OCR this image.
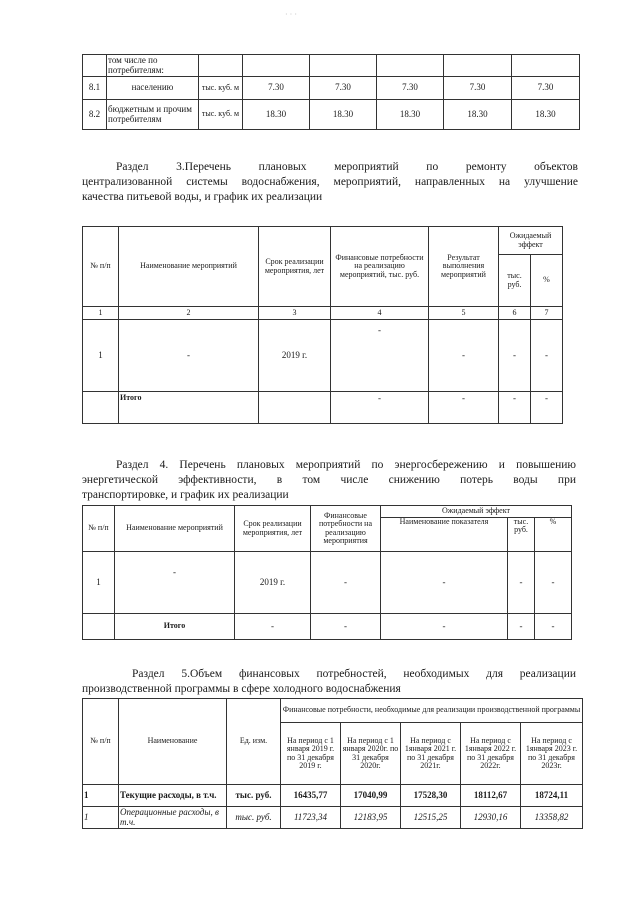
· · ·
	том числе по потребителям:						
8.1	населению	тыс. куб. м	7.30	7.30	7.30	7.30	7.30
8.2	бюджетным и прочим потребителям	тыс. куб. м	18.30	18.30	18.30	18.30	18.30

Раздел 3.Перечень плановых мероприятий по ремонту объектов

централизованной системы водоснабжения, мероприятий, направленных на улучшение

качества питьевой воды, и график их реализации

№ п/п	Наименование мероприятий	Срок реализации мероприятия, лет	Финансовые потребности на реализацию мероприятий, тыс. руб.	Результат выполнения мероприятий	Ожидаемый эффект	
					тыс. руб.	%
1	2	3	4	5	6	7
1	-	2019 г.	-	-	-	-
	Итого		-	-	-	-

Раздел 4. Перечень плановых мероприятий по энергосбережению и повышению

энергетической эффективности, в том числе снижению потерь воды при

транспортировке, и график их реализации

№ п/п	Наименование мероприятий	Срок реализации мероприятия, лет	Финансовые потребности на реализацию мероприятия	Ожидаемый эффект		
				Наименование показателя	тыс. руб.	%
1	-	2019 г.	-	-	-	-
	Итого	-	-	-	-	-

Раздел 5.Объем финансовых потребностей, необходимых для реализации

производственной программы в сфере холодного водоснабжения

№ п/п	Наименование	Ед. изм.	Финансовые потребности, необходимые для реализации производственной программы				
			На период с 1 января 2019 г. по 31 декабря 2019 г.	На период с 1 января 2020г. по 31 декабря 2020г.	На период с 1января 2021 г. по 31 декабря 2021г.	На период с 1января 2022 г. по 31 декабря 2022г.	На период с 1января 2023 г. по 31 декабря 2023г.
1	Текущие расходы, в т.ч.	тыс. руб.	16435,77	17040,99	17528,30	18112,67	18724,11
1	Операционные расходы, в т.ч.	тыс. руб.	11723,34	12183,95	12515,25	12930,16	13358,82
